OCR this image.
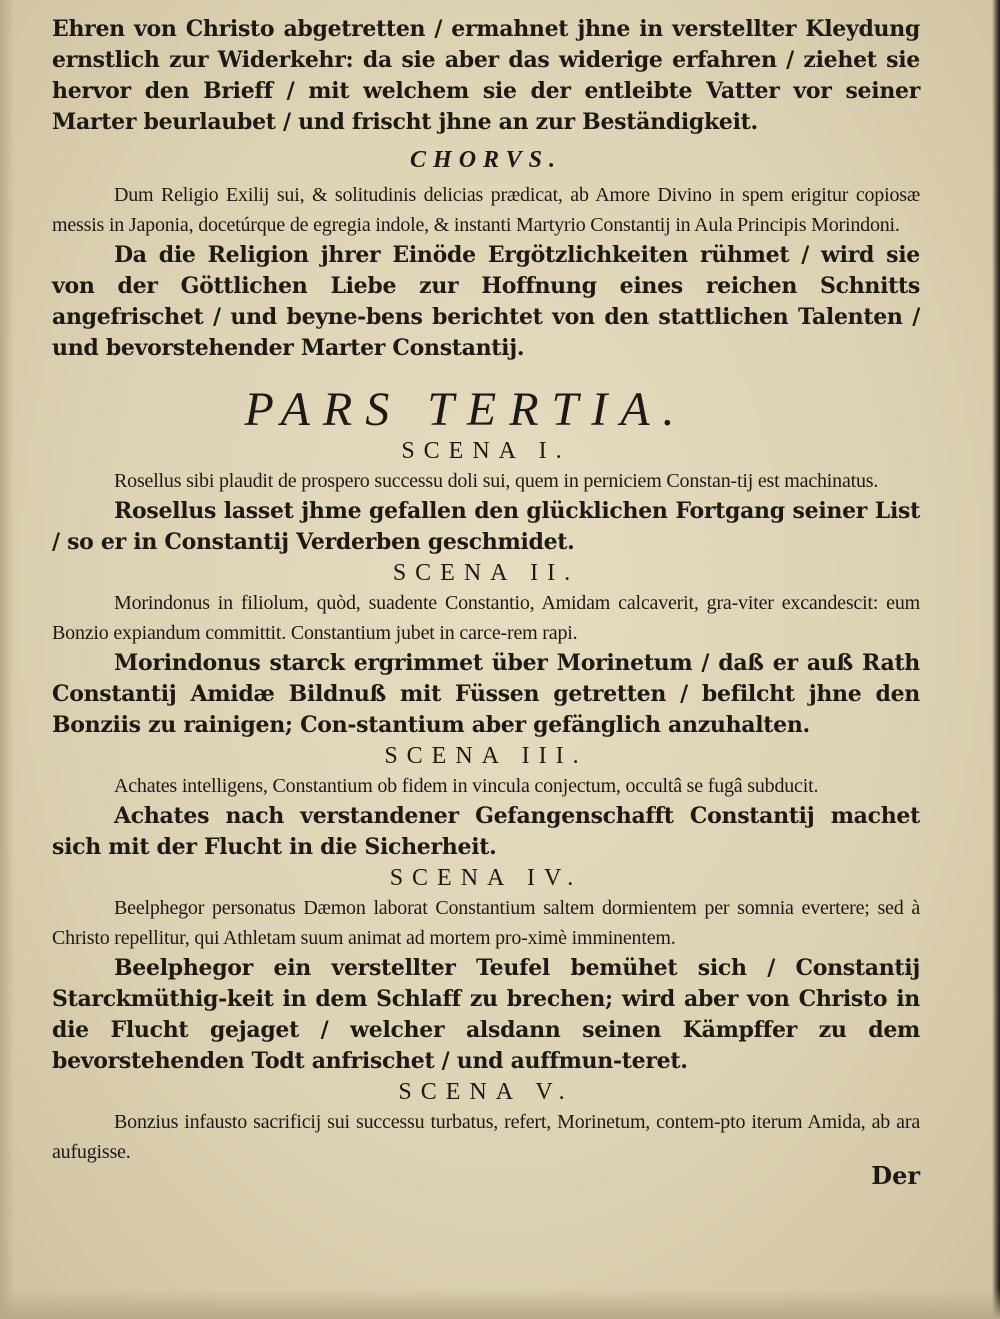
Ehren von Christo abgetretten / ermahnet jhne in verstellter Kleydung ernstlich zur Widerkehr: da sie aber das widerige erfahren / ziehet sie hervor den Brieff / mit welchem sie der entleibte Vatter vor seiner Marter beurlaubet / und frischt jhne an zur Beständigkeit.

CHORVS.

Dum Religio Exilij sui, & solitudinis delicias prædicat, ab Amore Divino in spem erigitur copiosæ messis in Japonia, docetúrque de egregia indole, & instanti Martyrio Constantij in Aula Principis Morindoni.

Da die Religion jhrer Einöde Ergötzlichkeiten rühmet / wird sie von der Göttlichen Liebe zur Hoffnung eines reichen Schnitts angefrischet / und beyne-bens berichtet von den stattlichen Talenten / und bevorstehender Marter Constantij.

PARS TERTIA.
SCENA I.

Rosellus sibi plaudit de prospero successu doli sui, quem in perniciem Constan-tij est machinatus.

Rosellus lasset jhme gefallen den glücklichen Fortgang seiner List / so er in Constantij Verderben geschmidet.

SCENA II.

Morindonus in filiolum, quòd, suadente Constantio, Amidam calcaverit, gra-viter excandescit: eum Bonzio expiandum committit. Constantium jubet in carce-rem rapi.

Morindonus starck ergrimmet über Morinetum / daß er auß Rath Constantij Amidæ Bildnuß mit Füssen getretten / befilcht jhne den Bonziis zu rainigen; Con-stantium aber gefänglich anzuhalten.

SCENA III.

Achates intelligens, Constantium ob fidem in vincula conjectum, occultâ se fugâ subducit.

Achates nach verstandener Gefangenschafft Constantij machet sich mit der Flucht in die Sicherheit.

SCENA IV.

Beelphegor personatus Dæmon laborat Constantium saltem dormientem per somnia evertere; sed à Christo repellitur, qui Athletam suum animat ad mortem pro-ximè imminentem.

Beelphegor ein verstellter Teufel bemühet sich / Constantij Starckmüthig-keit in dem Schlaff zu brechen; wird aber von Christo in die Flucht gejaget / welcher alsdann seinen Kämpffer zu dem bevorstehenden Todt anfrischet / und auffmun-teret.

SCENA V.

Bonzius infausto sacrificij sui successu turbatus, refert, Morinetum, contem-pto iterum Amida, ab ara aufugisse.

Der
